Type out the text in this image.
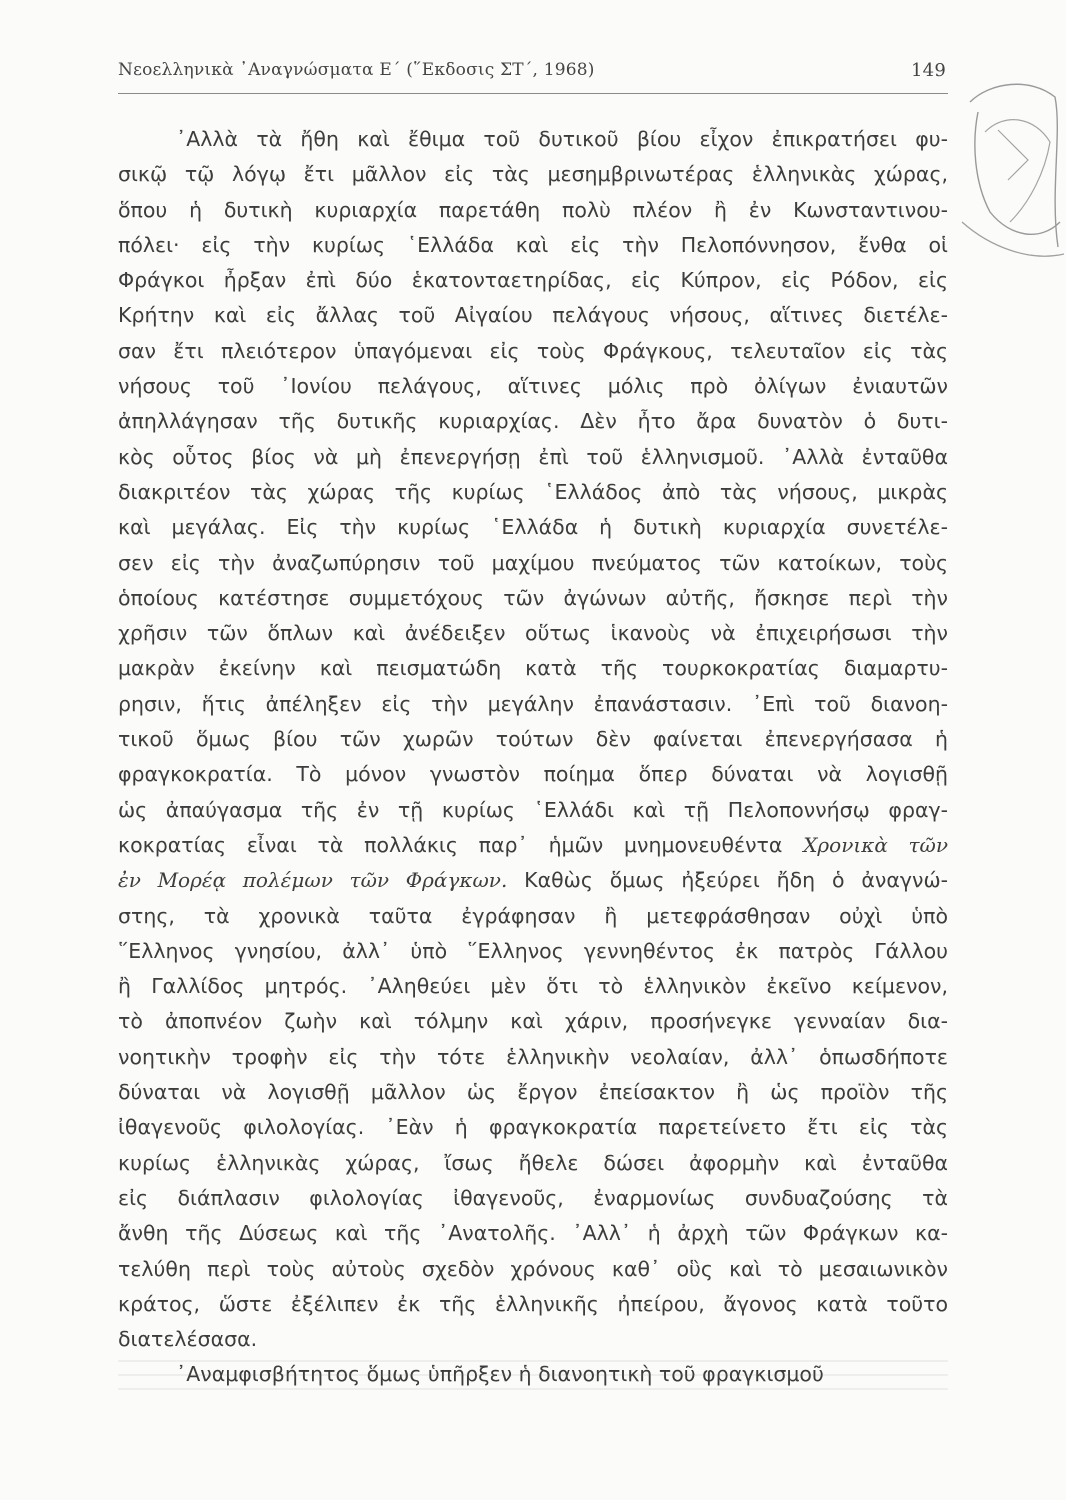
Νεοελληνικὰ ᾿Αναγνώσματα Ε΄ (῞Εκδοσις ΣΤ΄, 1968)	149
᾿Αλλὰ τὰ ἤθη καὶ ἔθιμα τοῦ δυτικοῦ βίου εἶχον ἐπικρατήσει φυ-
σικῷ τῷ λόγῳ ἔτι μᾶλλον εἰς τὰς μεσημβρινωτέρας ἑλληνικὰς χώρας,
ὅπου ἡ δυτικὴ κυριαρχία παρετάθη πολὺ πλέον ἢ ἐν Κωνσταντινου-
πόλει· εἰς τὴν κυρίως ῾Ελλάδα καὶ εἰς τὴν Πελοπόννησον, ἔνθα οἱ
Φράγκοι ἦρξαν ἐπὶ δύο ἑκατονταετηρίδας, εἰς Κύπρον, εἰς Ρόδον, εἰς
Κρήτην καὶ εἰς ἄλλας τοῦ Αἰγαίου πελάγους νήσους, αἵτινες διετέλε-
σαν ἔτι πλειότερον ὑπαγόμεναι εἰς τοὺς Φράγκους, τελευταῖον εἰς τὰς
νήσους τοῦ ᾿Ιονίου πελάγους, αἵτινες μόλις πρὸ ὀλίγων ἐνιαυτῶν
ἀπηλλάγησαν τῆς δυτικῆς κυριαρχίας. Δὲν ἦτο ἄρα δυνατὸν ὁ δυτι-
κὸς οὗτος βίος νὰ μὴ ἐπενεργήσῃ ἐπὶ τοῦ ἑλληνισμοῦ. ᾿Αλλὰ ἐνταῦθα
διακριτέον τὰς χώρας τῆς κυρίως ῾Ελλάδος ἀπὸ τὰς νήσους, μικρὰς
καὶ μεγάλας. Εἰς τὴν κυρίως ῾Ελλάδα ἡ δυτικὴ κυριαρχία συνετέλε-
σεν εἰς τὴν ἀναζωπύρησιν τοῦ μαχίμου πνεύματος τῶν κατοίκων, τοὺς
ὁποίους κατέστησε συμμετόχους τῶν ἀγώνων αὐτῆς, ἤσκησε περὶ τὴν
χρῆσιν τῶν ὅπλων καὶ ἀνέδειξεν οὕτως ἱκανοὺς νὰ ἐπιχειρήσωσι τὴν
μακρὰν ἐκείνην καὶ πεισματώδη κατὰ τῆς τουρκοκρατίας διαμαρτυ-
ρησιν, ἥτις ἀπέληξεν εἰς τὴν μεγάλην ἐπανάστασιν. ᾿Επὶ τοῦ διανοη-
τικοῦ ὅμως βίου τῶν χωρῶν τούτων δὲν φαίνεται ἐπενεργήσασα ἡ
φραγκοκρατία. Τὸ μόνον γνωστὸν ποίημα ὅπερ δύναται νὰ λογισθῇ
ὡς ἀπαύγασμα τῆς ἐν τῇ κυρίως ῾Ελλάδι καὶ τῇ Πελοποννήσῳ φραγ-
κοκρατίας εἶναι τὰ πολλάκις παρ᾿ ἡμῶν μνημονευθέντα Χρονικὰ τῶν
ἐν Μορέᾳ πολέμων τῶν Φράγκων. Καθὼς ὅμως ἠξεύρει ἤδη ὁ ἀναγνώ-
στης, τὰ χρονικὰ ταῦτα ἐγράφησαν ἢ μετεφράσθησαν οὐχὶ ὑπὸ
῞Ελληνος γνησίου, ἀλλ᾿ ὑπὸ ῞Ελληνος γεννηθέντος ἐκ πατρὸς Γάλλου
ἢ Γαλλίδος μητρός. ᾿Αληθεύει μὲν ὅτι τὸ ἑλληνικὸν ἐκεῖνο κείμενον,
τὸ ἀποπνέον ζωὴν καὶ τόλμην καὶ χάριν, προσήνεγκε γενναίαν δια-
νοητικὴν τροφὴν εἰς τὴν τότε ἑλληνικὴν νεολαίαν, ἀλλ᾿ ὁπωσδήποτε
δύναται νὰ λογισθῇ μᾶλλον ὡς ἔργον ἐπείσακτον ἢ ὡς προϊὸν τῆς
ἰθαγενοῦς φιλολογίας. ᾿Εὰν ἡ φραγκοκρατία παρετείνετο ἔτι εἰς τὰς
κυρίως ἑλληνικὰς χώρας, ἴσως ἤθελε δώσει ἀφορμὴν καὶ ἐνταῦθα
εἰς διάπλασιν φιλολογίας ἰθαγενοῦς, ἐναρμονίως συνδυαζούσης τὰ
ἄνθη τῆς Δύσεως καὶ τῆς ᾿Ανατολῆς. ᾿Αλλ᾿ ἡ ἀρχὴ τῶν Φράγκων κα-
τελύθη περὶ τοὺς αὐτοὺς σχεδὸν χρόνους καθ᾿ οὓς καὶ τὸ μεσαιωνικὸν
κράτος, ὥστε ἐξέλιπεν ἐκ τῆς ἑλληνικῆς ἠπείρου, ἄγονος κατὰ τοῦτο
διατελέσασα.
᾿Αναμφισβήτητος ὅμως ὑπῆρξεν ἡ διανοητικὴ τοῦ φραγκισμοῦ
